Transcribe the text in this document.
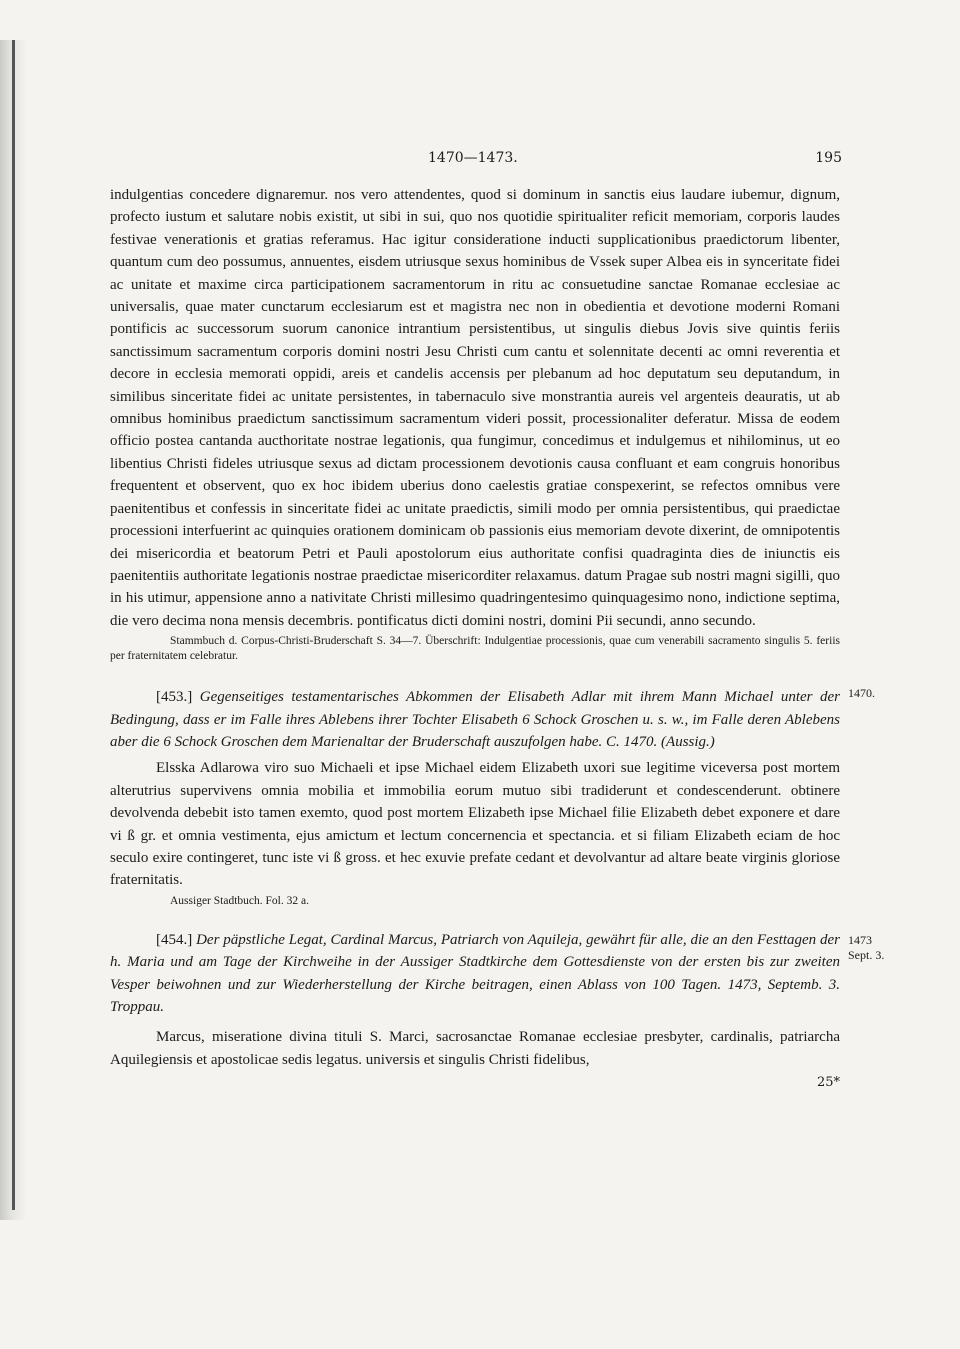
1470—1473.	195

indulgentias concedere dignaremur. nos vero attendentes, quod si dominum in sanctis eius laudare iubemur, dignum, profecto iustum et salutare nobis existit, ut sibi in sui, quo nos quotidie spiritualiter reficit memoriam, corporis laudes festivae venerationis et gratias referamus. Hac igitur consideratione inducti supplicationibus praedictorum libenter, quantum cum deo possumus, annuentes, eisdem utriusque sexus hominibus de Vssek super Albea eis in synceritate fidei ac unitate et maxime circa participationem sacramentorum in ritu ac consuetudine sanctae Romanae ecclesiae ac universalis, quae mater cunctarum ecclesiarum est et magistra nec non in obedientia et devotione moderni Romani pontificis ac successorum suorum canonice intrantium persistentibus, ut singulis diebus Jovis sive quintis feriis sanctissimum sacramentum corporis domini nostri Jesu Christi cum cantu et solennitate decenti ac omni reverentia et decore in ecclesia memorati oppidi, areis et candelis accensis per plebanum ad hoc deputatum seu deputandum, in similibus sinceritate fidei ac unitate persistentes, in tabernaculo sive monstrantia aureis vel argenteis deauratis, ut ab omnibus hominibus praedictum sanctissimum sacramentum videri possit, processionaliter deferatur. Missa de eodem officio postea cantanda aucthoritate nostrae legationis, qua fungimur, concedimus et indulgemus et nihilominus, ut eo libentius Christi fideles utriusque sexus ad dictam processionem devotionis causa confluant et eam congruis honoribus frequentent et observent, quo ex hoc ibidem uberius dono caelestis gratiae conspexerint, se refectos omnibus vere paenitentibus et confessis in sinceritate fidei ac unitate praedictis, simili modo per omnia persistentibus, qui praedictae processioni interfuerint ac quinquies orationem dominicam ob passionis eius memoriam devote dixerint, de omnipotentis dei misericordia et beatorum Petri et Pauli apostolorum eius authoritate confisi quadraginta dies de iniunctis eis paenitentiis authoritate legationis nostrae praedictae misericorditer relaxamus. datum Pragae sub nostri magni sigilli, quo in his utimur, appensione anno a nativitate Christi millesimo quadringentesimo quinquagesimo nono, indictione septima, die vero decima nona mensis decembris. pontificatus dicti domini nostri, domini Pii secundi, anno secundo.

Stammbuch d. Corpus-Christi-Bruderschaft S. 34—7. Überschrift: Indulgentiae processionis, quae cum venerabili sacramento singulis 5. feriis per fraternitatem celebratur.

1470.
[453.] Gegenseitiges testamentarisches Abkommen der Elisabeth Adlar mit ihrem Mann Michael unter der Bedingung, dass er im Falle ihres Ablebens ihrer Tochter Elisabeth 6 Schock Groschen u. s. w., im Falle deren Ablebens aber die 6 Schock Groschen dem Marienaltar der Bruderschaft auszufolgen habe. C. 1470. (Aussig.)

Elsska Adlarowa viro suo Michaeli et ipse Michael eidem Elizabeth uxori sue legitime viceversa post mortem alterutrius supervivens omnia mobilia et immobilia eorum mutuo sibi tradiderunt et condescenderunt. obtinere devolvenda debebit isto tamen exemto, quod post mortem Elizabeth ipse Michael filie Elizabeth debet exponere et dare vi ß gr. et omnia vestimenta, ejus amictum et lectum concernencia et spectancia. et si filiam Elizabeth eciam de hoc seculo exire contingeret, tunc iste vi ß gross. et hec exuvie prefate cedant et devolvantur ad altare beate virginis gloriose fraternitatis.

Aussiger Stadtbuch. Fol. 32 a.

1473
Sept. 3.
[454.] Der päpstliche Legat, Cardinal Marcus, Patriarch von Aquileja, gewährt für alle, die an den Festtagen der h. Maria und am Tage der Kirchweihe in der Aussiger Stadtkirche dem Gottesdienste von der ersten bis zur zweiten Vesper beiwohnen und zur Wiederherstellung der Kirche beitragen, einen Ablass von 100 Tagen. 1473, Septemb. 3. Troppau.

Marcus, miseratione divina tituli S. Marci, sacrosanctae Romanae ecclesiae presbyter, cardinalis, patriarcha Aquilegiensis et apostolicae sedis legatus. universis et singulis Christi fidelibus,

25*
